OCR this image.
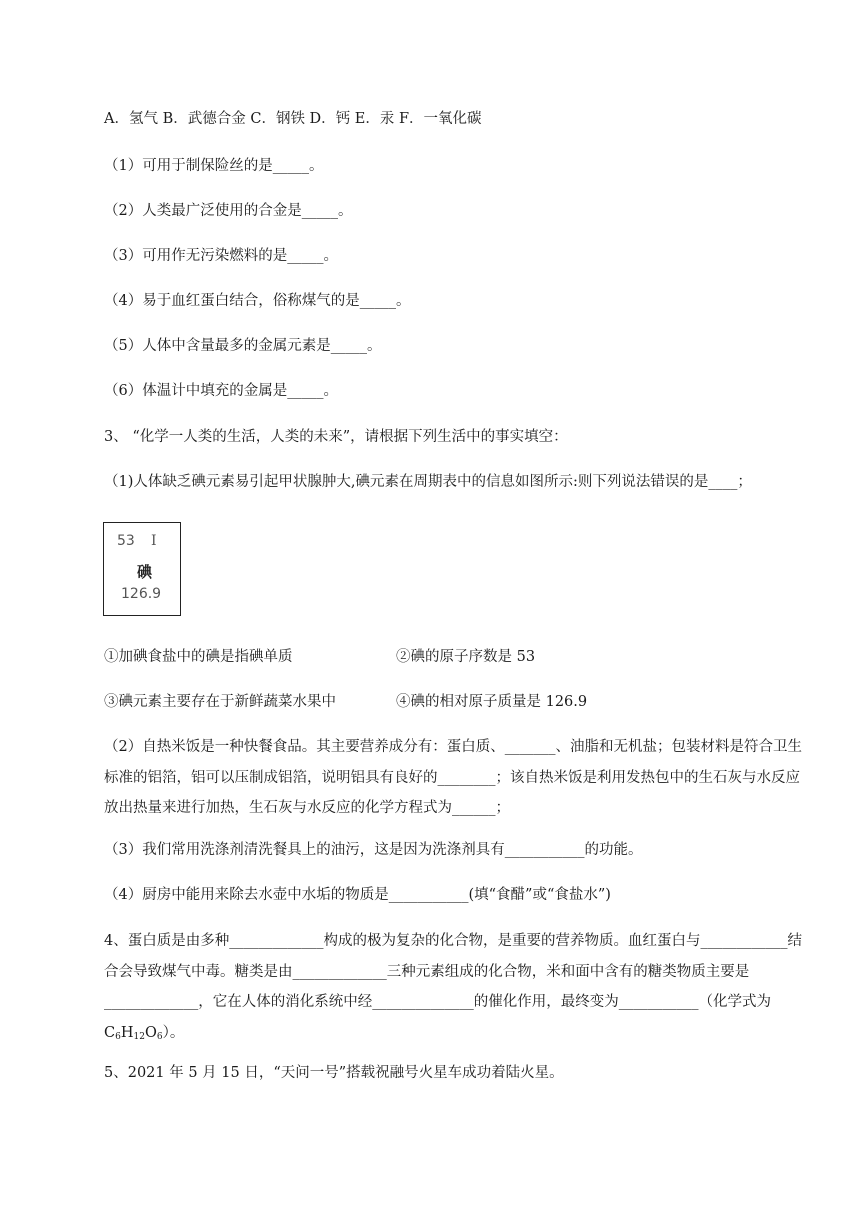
A．氢气 B．武德合金 C．钢铁 D．钙 E．汞 F．一氧化碳
（1）可用于制保险丝的是_____。
（2）人类最广泛使用的合金是_____。
（3）可用作无污染燃料的是_____。
（4）易于血红蛋白结合，俗称煤气的是_____。
（5）人体中含量最多的金属元素是_____。
（6）体温计中填充的金属是_____。
3、 “化学一人类的生活，人类的未来”，请根据下列生活中的事实填空：
（1)人体缺乏碘元素易引起甲状腺肿大,碘元素在周期表中的信息如图所示:则下列说法错误的是____；
53 I
碘
126.9
①加碘食盐中的碘是指碘单质	②碘的原子序数是 53
③碘元素主要存在于新鲜蔬菜水果中	④碘的相对原子质量是 126.9
（2）自热米饭是一种快餐食品。其主要营养成分有：蛋白质、_______、油脂和无机盐；包装材料是符合卫生标准的铝箔，铝可以压制成铝箔，说明铝具有良好的________；该自热米饭是利用发热包中的生石灰与水反应放出热量来进行加热，生石灰与水反应的化学方程式为______；
（3）我们常用洗涤剂清洗餐具上的油污，这是因为洗涤剂具有___________的功能。
（4）厨房中能用来除去水壶中水垢的物质是___________(填“食醋”或“食盐水”)
4、蛋白质是由多种_____________构成的极为复杂的化合物，是重要的营养物质。血红蛋白与____________结合会导致煤气中毒。糖类是由_____________三种元素组成的化合物，米和面中含有的糖类物质主要是_____________，它在人体的消化系统中经______________的催化作用，最终变为___________（化学式为 $C_6H_{12}O_6$）。
5、2021 年 5 月 15 日，“天问一号”搭载祝融号火星车成功着陆火星。
